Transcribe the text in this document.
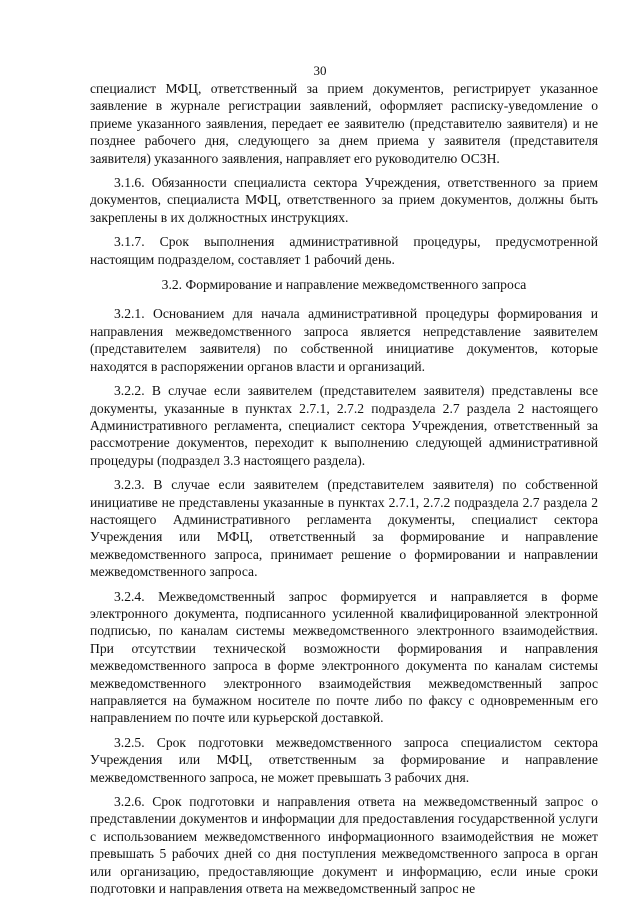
30

специалист МФЦ, ответственный за прием документов, регистрирует указанное заявление в журнале регистрации заявлений, оформляет расписку-уведомление о приеме указанного заявления, передает ее заявителю (представителю заявителя) и не позднее рабочего дня, следующего за днем приема у заявителя (представителя заявителя) указанного заявления, направляет его руководителю ОСЗН.

3.1.6. Обязанности специалиста сектора Учреждения, ответственного за прием документов, специалиста МФЦ, ответственного за прием документов, должны быть закреплены в их должностных инструкциях.

3.1.7. Срок выполнения административной процедуры, предусмотренной настоящим подразделом, составляет 1 рабочий день.

3.2. Формирование и направление межведомственного запроса

3.2.1. Основанием для начала административной процедуры формирования и направления межведомственного запроса является непредставление заявителем (представителем заявителя) по собственной инициативе документов, которые находятся в распоряжении органов власти и организаций.

3.2.2. В случае если заявителем (представителем заявителя) представлены все документы, указанные в пунктах 2.7.1, 2.7.2 подраздела 2.7 раздела 2 настоящего Административного регламента, специалист сектора Учреждения, ответственный за рассмотрение документов, переходит к выполнению следующей административной процедуры (подраздел 3.3 настоящего раздела).

3.2.3. В случае если заявителем (представителем заявителя) по собственной инициативе не представлены указанные в пунктах 2.7.1, 2.7.2 подраздела 2.7 раздела 2 настоящего Административного регламента документы, специалист сектора Учреждения или МФЦ, ответственный за формирование и направление межведомственного запроса, принимает решение о формировании и направлении межведомственного запроса.

3.2.4. Межведомственный запрос формируется и направляется в форме электронного документа, подписанного усиленной квалифицированной электронной подписью, по каналам системы межведомственного электронного взаимодействия. При отсутствии технической возможности формирования и направления межведомственного запроса в форме электронного документа по каналам системы межведомственного электронного взаимодействия межведомственный запрос направляется на бумажном носителе по почте либо по факсу с одновременным его направлением по почте или курьерской доставкой.

3.2.5. Срок подготовки межведомственного запроса специалистом сектора Учреждения или МФЦ, ответственным за формирование и направление межведомственного запроса, не может превышать 3 рабочих дня.

3.2.6. Срок подготовки и направления ответа на межведомственный запрос о представлении документов и информации для предоставления государственной услуги с использованием межведомственного информационного взаимодействия не может превышать 5 рабочих дней со дня поступления межведомственного запроса в орган или организацию, предоставляющие документ и информацию, если иные сроки подготовки и направления ответа на межведомственный запрос не
